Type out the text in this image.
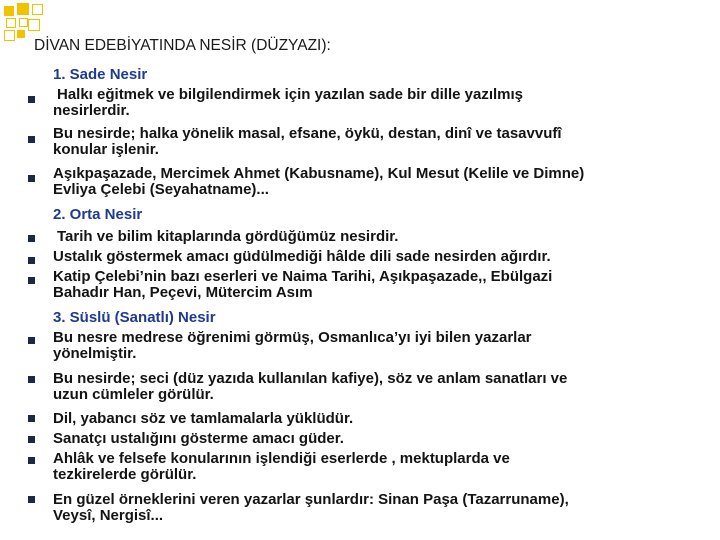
DİVAN EDEBİYATINDA NESİR (DÜZYAZI):
1. Sade Nesir
Halkı eğitmek ve bilgilendirmek için yazılan sade bir dille yazılmış
nesirlerdir.
Bu nesirde; halka yönelik masal, efsane, öykü, destan, dinî ve tasavvufî
konular işlenir.
Aşıkpaşazade, Mercimek Ahmet (Kabusname), Kul Mesut (Kelile ve Dimne)
Evliya Çelebi (Seyahatname)...
2. Orta Nesir
Tarih ve bilim kitaplarında gördüğümüz nesirdir.
Ustalık göstermek amacı güdülmediği hâlde dili sade nesirden ağırdır.
Katip Çelebi’nin bazı eserleri ve Naima Tarihi, Aşıkpaşazade,, Ebülgazi
Bahadır Han, Peçevi, Mütercim Asım
3. Süslü (Sanatlı) Nesir
Bu nesre medrese öğrenimi görmüş, Osmanlıca’yı iyi bilen yazarlar
yönelmiştir.
Bu nesirde; seci (düz yazıda kullanılan kafiye), söz ve anlam sanatları ve
uzun cümleler görülür.
Dil, yabancı söz ve tamlamalarla yüklüdür.
Sanatçı ustalığını gösterme amacı güder.
Ahlâk ve felsefe konularının işlendiği eserlerde , mektuplarda ve
tezkirelerde görülür.
En güzel örneklerini veren yazarlar şunlardır: Sinan Paşa (Tazarruname),
Veysî, Nergisî...
